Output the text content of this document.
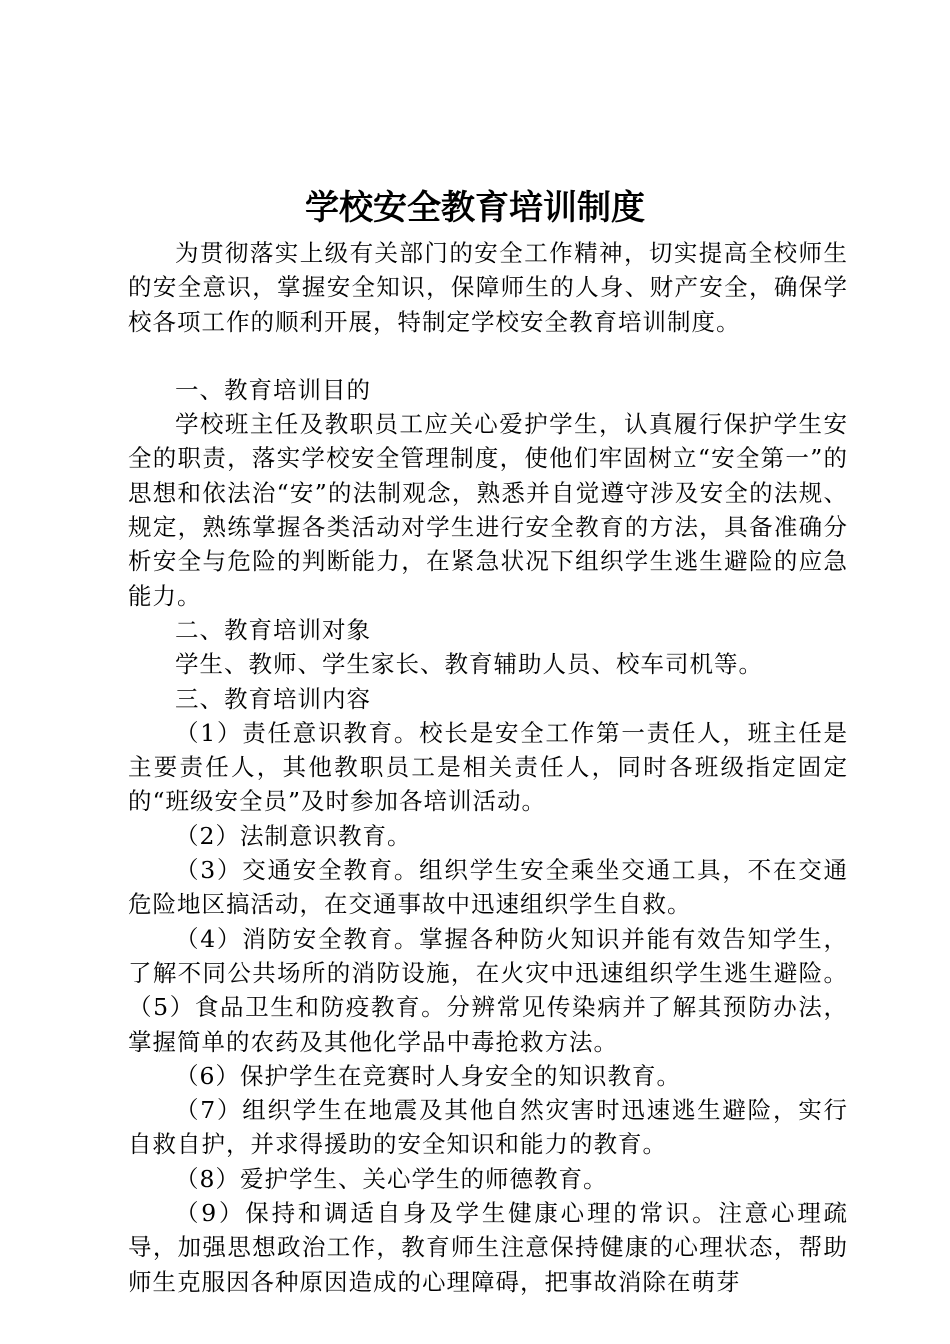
学校安全教育培训制度

为贯彻落实上级有关部门的安全工作精神，切实提高全校师生的安全意识，掌握安全知识，保障师生的人身、财产安全，确保学校各项工作的顺利开展，特制定学校安全教育培训制度。

一、教育培训目的

学校班主任及教职员工应关心爱护学生，认真履行保护学生安全的职责，落实学校安全管理制度，使他们牢固树立“安全第一”的思想和依法治“安”的法制观念，熟悉并自觉遵守涉及安全的法规、规定，熟练掌握各类活动对学生进行安全教育的方法，具备准确分析安全与危险的判断能力，在紧急状况下组织学生逃生避险的应急能力。

二、教育培训对象

学生、教师、学生家长、教育辅助人员、校车司机等。

三、教育培训内容

（1）责任意识教育。校长是安全工作第一责任人，班主任是主要责任人，其他教职员工是相关责任人，同时各班级指定固定的“班级安全员”及时参加各培训活动。

（2）法制意识教育。

（3）交通安全教育。组织学生安全乘坐交通工具，不在交通危险地区搞活动，在交通事故中迅速组织学生自救。

（4）消防安全教育。掌握各种防火知识并能有效告知学生，了解不同公共场所的消防设施，在火灾中迅速组织学生逃生避险。（5）食品卫生和防疫教育。分辨常见传染病并了解其预防办法，掌握简单的农药及其他化学品中毒抢救方法。

（6）保护学生在竞赛时人身安全的知识教育。

（7）组织学生在地震及其他自然灾害时迅速逃生避险，实行自救自护，并求得援助的安全知识和能力的教育。

（8）爱护学生、关心学生的师德教育。

（9）保持和调适自身及学生健康心理的常识。注意心理疏导，加强思想政治工作，教育师生注意保持健康的心理状态，帮助师生克服因各种原因造成的心理障碍，把事故消除在萌芽
